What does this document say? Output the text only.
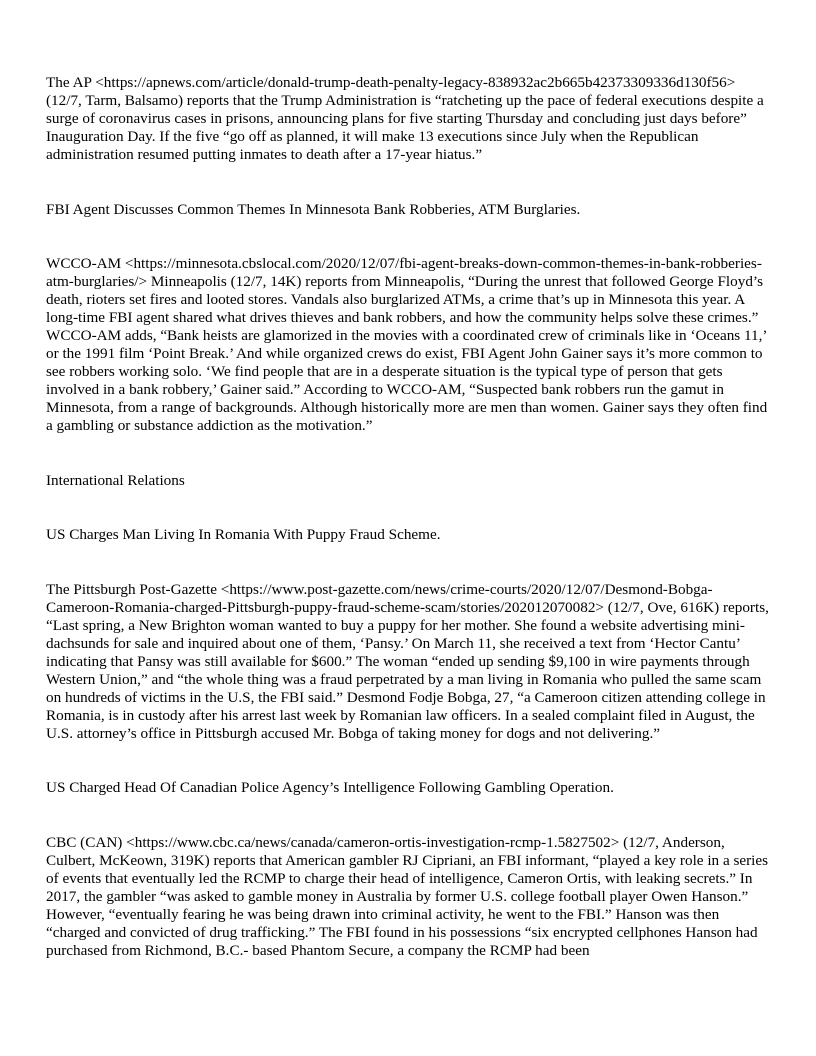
The AP <https://apnews.com/article/donald-trump-death-penalty-legacy-838932ac2b665b42373309336d130f56> (12/7, Tarm, Balsamo) reports that the Trump Administration is “ratcheting up the pace of federal executions despite a surge of coronavirus cases in prisons, announcing plans for five starting Thursday and concluding just days before” Inauguration Day. If the five “go off as planned, it will make 13 executions since July when the Republican administration resumed putting inmates to death after a 17-year hiatus.”

FBI Agent Discusses Common Themes In Minnesota Bank Robberies, ATM Burglaries.

WCCO-AM <https://minnesota.cbslocal.com/2020/12/07/fbi-agent-breaks-down-common-themes-in-bank-robberies-atm-burglaries/> Minneapolis (12/7, 14K) reports from Minneapolis, “During the unrest that followed George Floyd’s death, rioters set fires and looted stores. Vandals also burglarized ATMs, a crime that’s up in Minnesota this year. A long-time FBI agent shared what drives thieves and bank robbers, and how the community helps solve these crimes.” WCCO-AM adds, “Bank heists are glamorized in the movies with a coordinated crew of criminals like in ‘Oceans 11,’ or the 1991 film ‘Point Break.’ And while organized crews do exist, FBI Agent John Gainer says it’s more common to see robbers working solo. ‘We find people that are in a desperate situation is the typical type of person that gets involved in a bank robbery,’ Gainer said.” According to WCCO-AM, “Suspected bank robbers run the gamut in Minnesota, from a range of backgrounds. Although historically more are men than women. Gainer says they often find a gambling or substance addiction as the motivation.”

International Relations

US Charges Man Living In Romania With Puppy Fraud Scheme.

The Pittsburgh Post-Gazette <https://www.post-gazette.com/news/crime-courts/2020/12/07/Desmond-Bobga-Cameroon-Romania-charged-Pittsburgh-puppy-fraud-scheme-scam/stories/202012070082> (12/7, Ove, 616K) reports, “Last spring, a New Brighton woman wanted to buy a puppy for her mother. She found a website advertising mini-dachsunds for sale and inquired about one of them, ‘Pansy.’ On March 11, she received a text from ‘Hector Cantu’ indicating that Pansy was still available for $600.” The woman “ended up sending $9,100 in wire payments through Western Union,” and “the whole thing was a fraud perpetrated by a man living in Romania who pulled the same scam on hundreds of victims in the U.S, the FBI said.” Desmond Fodje Bobga, 27, “a Cameroon citizen attending college in Romania, is in custody after his arrest last week by Romanian law officers. In a sealed complaint filed in August, the U.S. attorney’s office in Pittsburgh accused Mr. Bobga of taking money for dogs and not delivering.”

US Charged Head Of Canadian Police Agency’s Intelligence Following Gambling Operation.

CBC (CAN) <https://www.cbc.ca/news/canada/cameron-ortis-investigation-rcmp-1.5827502> (12/7, Anderson, Culbert, McKeown, 319K) reports that American gambler RJ Cipriani, an FBI informant, “played a key role in a series of events that eventually led the RCMP to charge their head of intelligence, Cameron Ortis, with leaking secrets.” In 2017, the gambler “was asked to gamble money in Australia by former U.S. college football player Owen Hanson.” However, “eventually fearing he was being drawn into criminal activity, he went to the FBI.” Hanson was then “charged and convicted of drug trafficking.” The FBI found in his possessions “six encrypted cellphones Hanson had purchased from Richmond, B.C.- based Phantom Secure, a company the RCMP had been
